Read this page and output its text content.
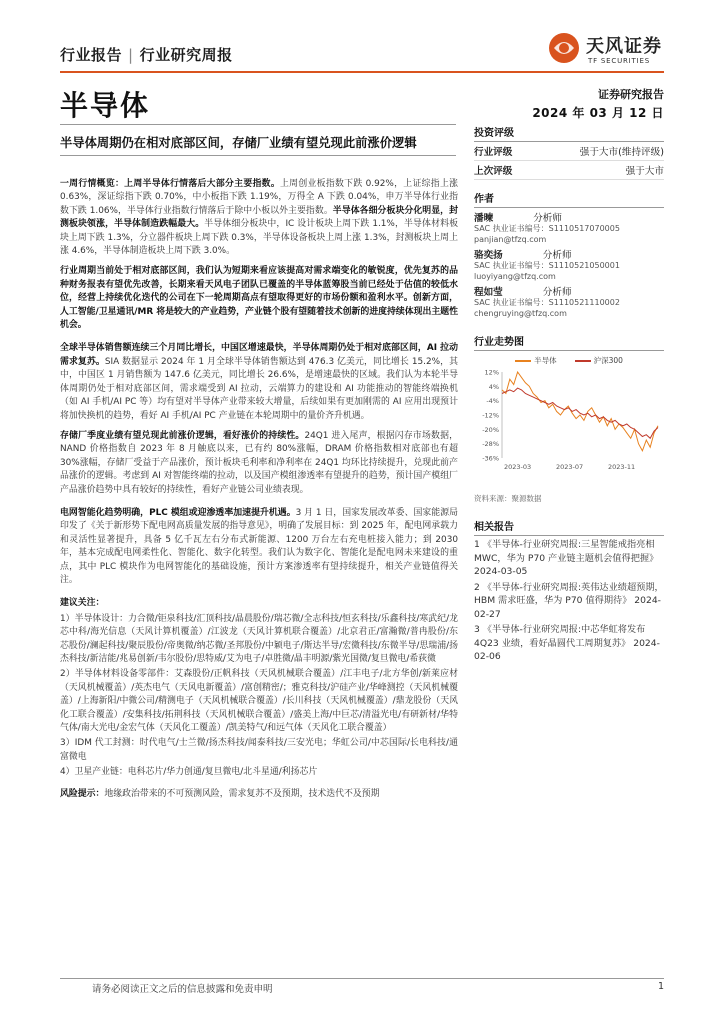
行业报告 | 行业研究周报	天风证券
TF SECURITIES
半导体	证券研究报告
2024 年 03 月 12 日
半导体周期仍在相对底部区间，存储厂业绩有望兑现此前涨价逻辑

一周行情概览：上周半导体行情落后大部分主要指数。上周创业板指数下跌 0.92%，上证综指上涨 0.63%，深证综指下跌 0.70%，中小板指下跌 1.19%，万得全 A 下跌 0.04%，申万半导体行业指数下跌 1.06%，半导体行业指数行情落后于除中小板以外主要指数。半导体各细分板块分化明显，封测板块领涨，半导体制造跌幅最大。半导体细分板块中，IC 设计板块上周下跌 1.1%，半导体材料板块上周下跌 1.3%，分立器件板块上周下跌 0.3%，半导体设备板块上周上涨 1.3%，封测板块上周上涨 4.6%，半导体制造板块上周下跌 3.0%。

行业周期当前处于相对底部区间，我们认为短期来看应该提高对需求端变化的敏锐度，优先复苏的品种财务报表有望优先改善，长期来看天风电子团队已覆盖的半导体蓝筹股当前已经处于估值的较低水位，经营上持续优化迭代的公司在下一轮周期高点有望取得更好的市场份额和盈利水平。创新方面，人工智能/卫星通讯/MR 将是较大的产业趋势，产业链个股有望随着技术创新的进度持续体现出主题性机会。

全球半导体销售额连续三个月同比增长，中国区增速最快，半导体周期仍处于相对底部区间，AI 拉动需求复苏。SIA 数据显示 2024 年 1 月全球半导体销售额达到 476.3 亿美元，同比增长 15.2%，其中，中国区 1 月销售额为 147.6 亿美元，同比增长 26.6%，是增速最快的区域。我们认为本轮半导体周期仍处于相对底部区间，需求端受到 AI 拉动，云端算力的建设和 AI 功能推动的智能终端换机（如 AI 手机/AI PC 等）均有望对半导体产业带来较大增量，后续如果有更加刚需的 AI 应用出现预计将加快换机的趋势，看好 AI 手机/AI PC 产业链在本轮周期中的量价齐升机遇。

存储厂季度业绩有望兑现此前涨价逻辑，看好涨价的持续性。24Q1 进入尾声，根据闪存市场数据，NAND 价格指数自 2023 年 8 月触底以来，已有约 80%涨幅，DRAM 价格指数相对底部也有超 30%涨幅，存储厂受益于产品涨价，预计板块毛利率和净利率在 24Q1 均环比持续提升，兑现此前产品涨价的逻辑。考虑到 AI 对智能终端的拉动，以及国产模组渗透率有望提升的趋势，预计国产模组厂产品涨价趋势中具有较好的持续性，看好产业链公司业绩表现。

电网智能化趋势明确，PLC 模组或迎渗透率加速提升机遇。3 月 1 日，国家发展改革委、国家能源局印发了《关于新形势下配电网高质量发展的指导意见》，明确了发展目标：到 2025 年，配电网承载力和灵活性显著提升，具备 5 亿千瓦左右分布式新能源、1200 万台左右充电桩接入能力；到 2030 年，基本完成配电网柔性化、智能化、数字化转型。我们认为数字化、智能化是配电网未来建设的重点，其中 PLC 模块作为电网智能化的基础设施，预计方案渗透率有望持续提升，相关产业链值得关注。

建议关注：

1）半导体设计：力合微/钜泉科技/汇顶科技/晶晨股份/瑞芯微/全志科技/恒玄科技/乐鑫科技/寒武纪/龙芯中科/海光信息（天风计算机覆盖）/江波龙（天风计算机联合覆盖）/北京君正/富瀚微/普冉股份/东芯股份/澜起科技/聚辰股份/帝奥微/纳芯微/圣邦股份/中颖电子/斯达半导/宏微科技/东微半导/思瑞浦/扬杰科技/新洁能/兆易创新/韦尔股份/思特威/艾为电子/卓胜微/晶丰明源/紫光国微/复旦微电/希荻微

2）半导体材料设备零部件：艾森股份/正帆科技（天风机械联合覆盖）/江丰电子/北方华创/新莱应材（天风机械覆盖）/英杰电气（天风电新覆盖）/富创精密/；雅克科技/沪硅产业/华峰测控（天风机械覆盖）/上海新阳/中微公司/精测电子（天风机械联合覆盖）/长川科技（天风机械覆盖）/鼎龙股份（天风化工联合覆盖）/安集科技/拓荆科技（天风机械联合覆盖）/盛美上海/中巨芯/清溢光电/有研新材/华特气体/南大光电/金宏气体（天风化工覆盖）/凯美特气/和远气体（天风化工联合覆盖）

3）IDM 代工封测：时代电气/士兰微/扬杰科技/闻泰科技/三安光电；华虹公司/中芯国际/长电科技/通富微电

4）卫星产业链：电科芯片/华力创通/复旦微电/北斗星通/利扬芯片

风险提示：地缘政治带来的不可预测风险，需求复苏不及预期，技术迭代不及预期

投资评级
行业评级	强于大市(维持评级)
上次评级	强于大市
作者
潘暕	分析师
SAC 执业证书编号：S1110517070005
panjian@tfzq.com
骆奕扬	分析师
SAC 执业证书编号：S1110521050001
luoyiyang@tfzq.com
程如莹	分析师
SAC 执业证书编号：S1110521110002
chengruying@tfzq.com
行业走势图
半导体	沪深300
12%
4%
-4%
-12%
-20%
-28%
-36%
2023-03	2023-07	2023-11
资料来源：聚源数据
相关报告
1 《半导体-行业研究周报:三星智能戒指亮相 MWC，华为 P70 产业链主题机会值得把握》 2024-03-05
2 《半导体-行业研究周报:英伟达业绩超预期，HBM 需求旺盛，华为 P70 值得期待》 2024-02-27
3 《半导体-行业研究周报:中芯华虹将发布 4Q23 业绩，看好晶圆代工周期复苏》 2024-02-06
请务必阅读正文之后的信息披露和免责申明	1
